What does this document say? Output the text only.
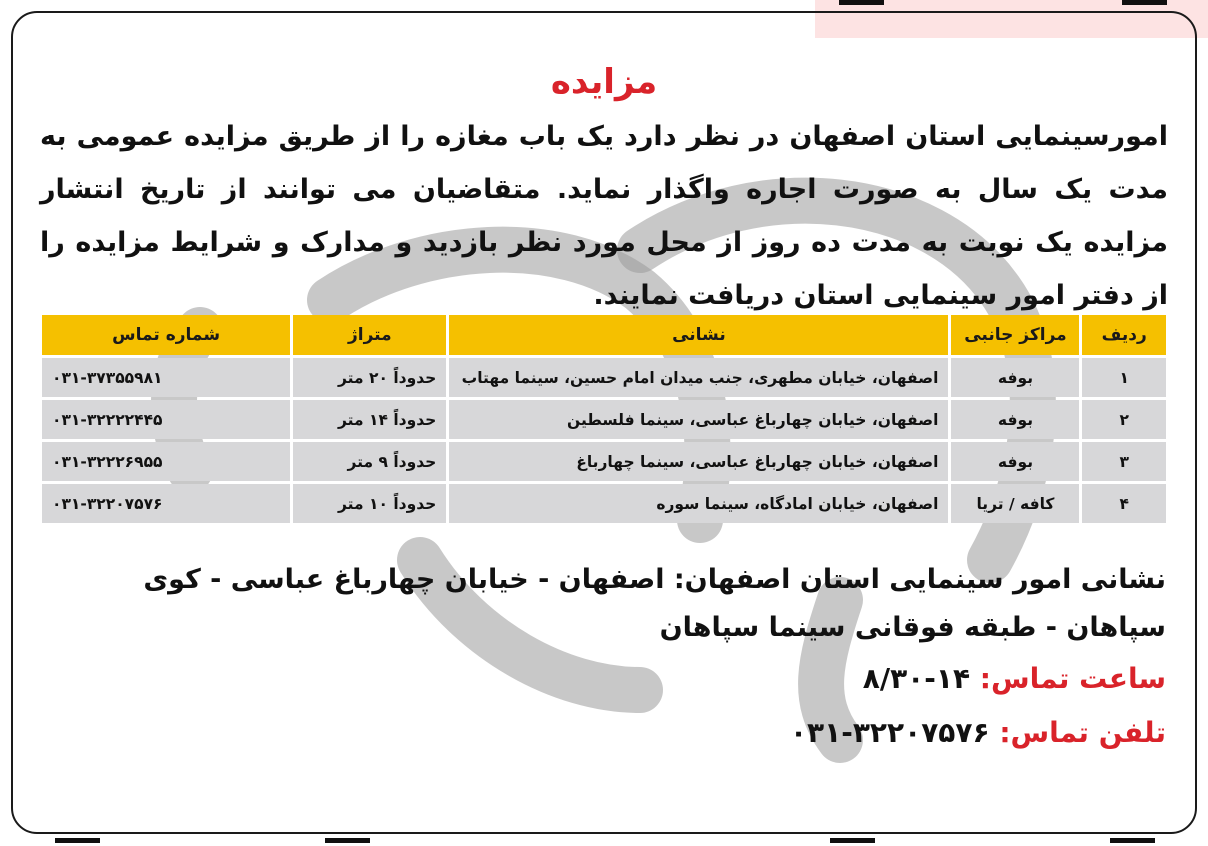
مزایده

امورسینمایی استان اصفهان در نظر دارد یک باب مغازه را از طریق مزایده عمومی به مدت یک سال به صورت اجاره واگذار نماید. متقاضیان می توانند از تاریخ انتشار مزایده یک نوبت به مدت ده روز از محل مورد نظر بازدید و مدارک و شرایط مزایده را از دفتر امور سینمایی استان دریافت نمایند.

ردیف	مراکز جانبی	نشانی	متراژ	شماره تماس
۱	بوفه	اصفهان، خیابان مطهری، جنب میدان امام حسین، سینما مهتاب	حدوداً ۲۰ متر	۰۳۱-۳۷۳۵۵۹۸۱
۲	بوفه	اصفهان، خیابان چهارباغ عباسی، سینما فلسطین	حدوداً ۱۴ متر	۰۳۱-۳۲۲۲۲۴۴۵
۳	بوفه	اصفهان، خیابان چهارباغ عباسی، سینما چهارباغ	حدوداً ۹ متر	۰۳۱-۳۲۲۲۶۹۵۵
۴	کافه / تریا	اصفهان، خیابان امادگاه، سینما سوره	حدوداً ۱۰ متر	۰۳۱-۳۲۲۰۷۵۷۶

نشانی امور سینمایی استان اصفهان: اصفهان - خیابان چهارباغ عباسی - کوی سپاهان - طبقه فوقانی سینما سپاهان

ساعت تماس: ۸/۳۰-۱۴

تلفن تماس: ۰۳۱-۳۲۲۰۷۵۷۶
